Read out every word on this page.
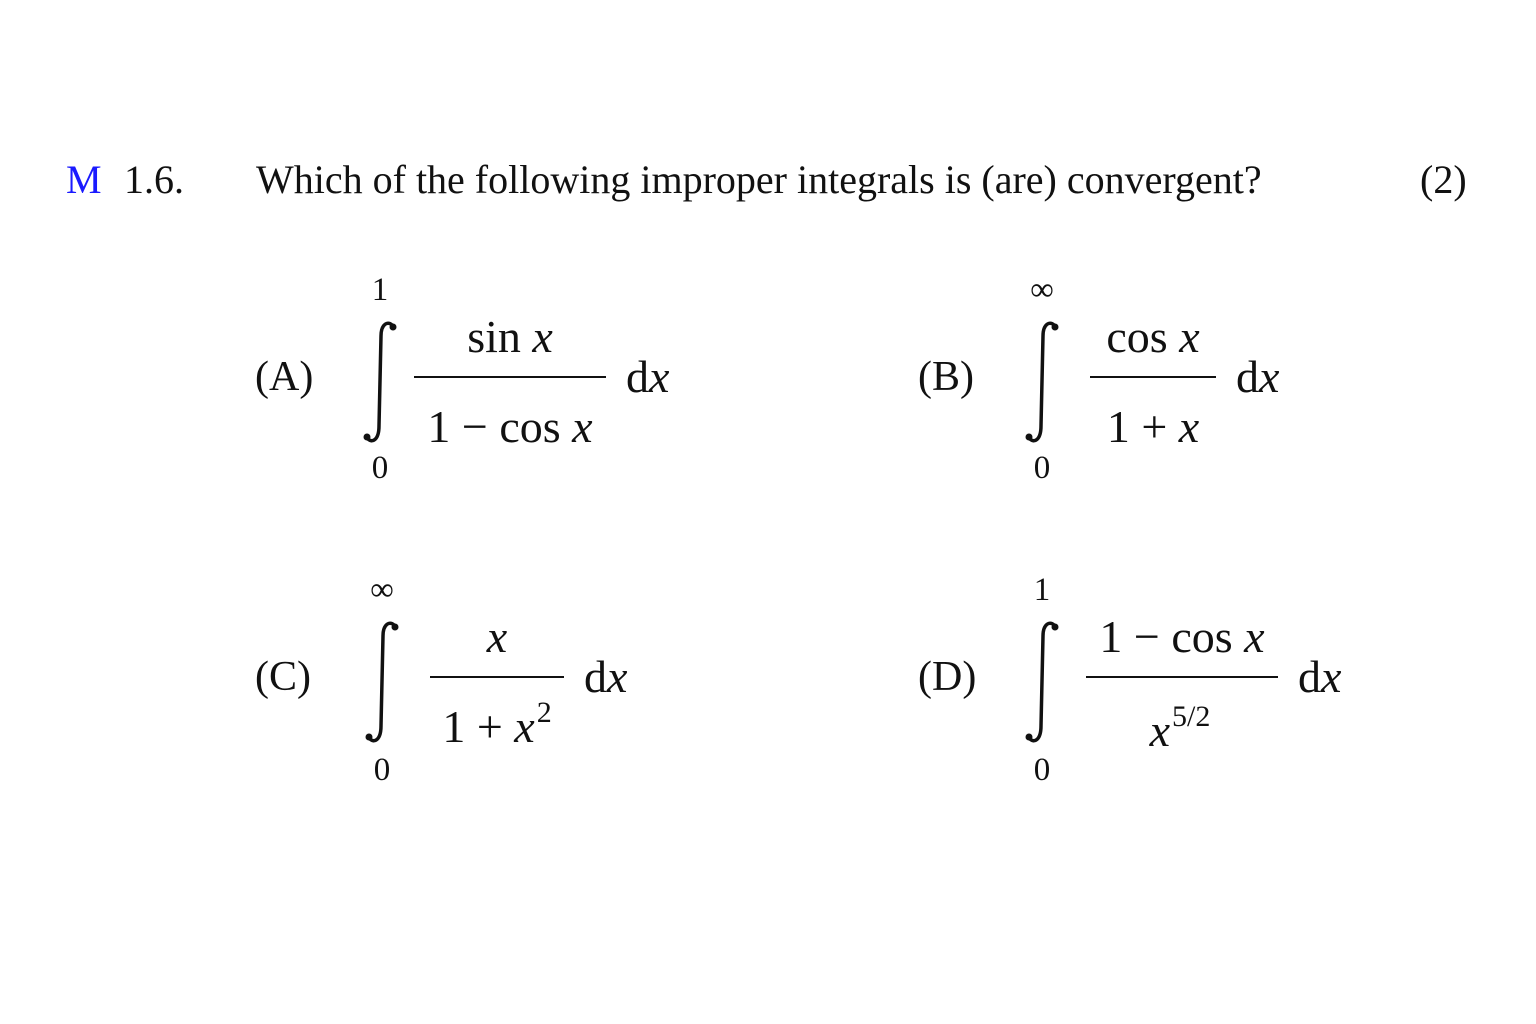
M 1.6. Which of the following improper integrals is (are) convergent?	(2)
(A)
1
0
sin x
1 − cos x
dx	(B)
∞
0
cos x
1 + x
dx
(C)
∞
0
x
$1 + x^2$
dx	(D)
1
0
1 − cos x
$x^{5/2}$
dx
